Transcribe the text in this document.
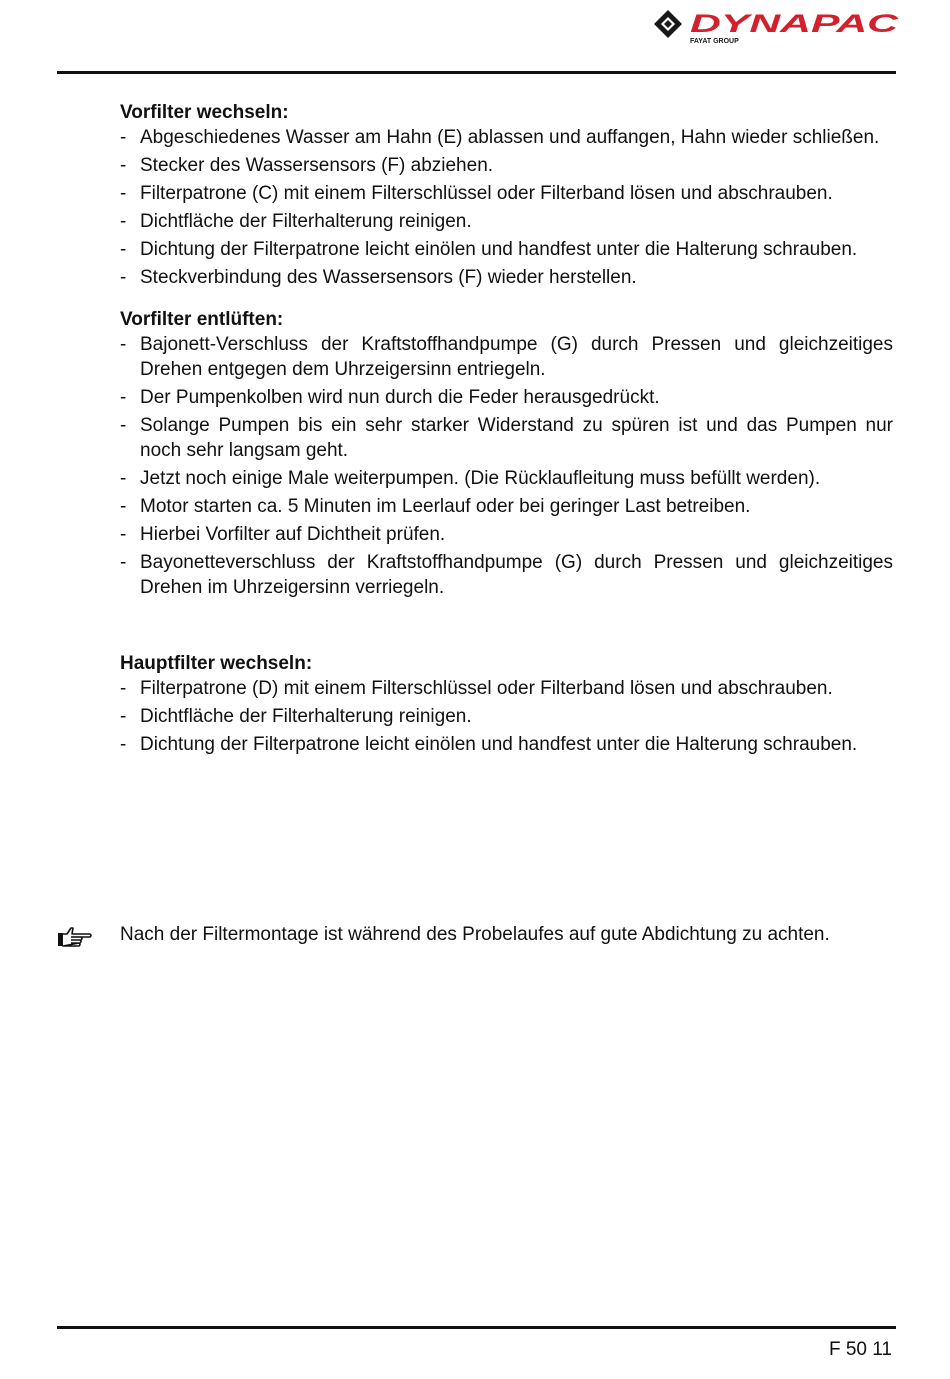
DYNAPAC
FAYAT GROUP

Vorfilter wechseln:

- Abgeschiedenes Wasser am Hahn (E) ablassen und auffangen, Hahn wieder schließen.
- Stecker des Wassersensors (F) abziehen.
- Filterpatrone (C) mit einem Filterschlüssel oder Filterband lösen und abschrauben.
- Dichtfläche der Filterhalterung reinigen.
- Dichtung der Filterpatrone leicht einölen und handfest unter die Halterung schrauben.
- Steckverbindung des Wassersensors (F) wieder herstellen.

Vorfilter entlüften:

- Bajonett-Verschluss der Kraftstoffhandpumpe (G) durch Pressen und gleichzeitiges Drehen entgegen dem Uhrzeigersinn entriegeln.
- Der Pumpenkolben wird nun durch die Feder herausgedrückt.
- Solange Pumpen bis ein sehr starker Widerstand zu spüren ist und das Pumpen nur noch sehr langsam geht.
- Jetzt noch einige Male weiterpumpen. (Die Rücklaufleitung muss befüllt werden).
- Motor starten ca. 5 Minuten im Leerlauf oder bei geringer Last betreiben.
- Hierbei Vorfilter auf Dichtheit prüfen.
- Bayonetteverschluss der Kraftstoffhandpumpe (G) durch Pressen und gleichzeitiges Drehen im Uhrzeigersinn verriegeln.

Hauptfilter wechseln:

- Filterpatrone (D) mit einem Filterschlüssel oder Filterband lösen und abschrauben.
- Dichtfläche der Filterhalterung reinigen.
- Dichtung der Filterpatrone leicht einölen und handfest unter die Halterung schrauben.
Nach der Filtermontage ist während des Probelaufes auf gute Abdichtung zu achten.
F 50 11
